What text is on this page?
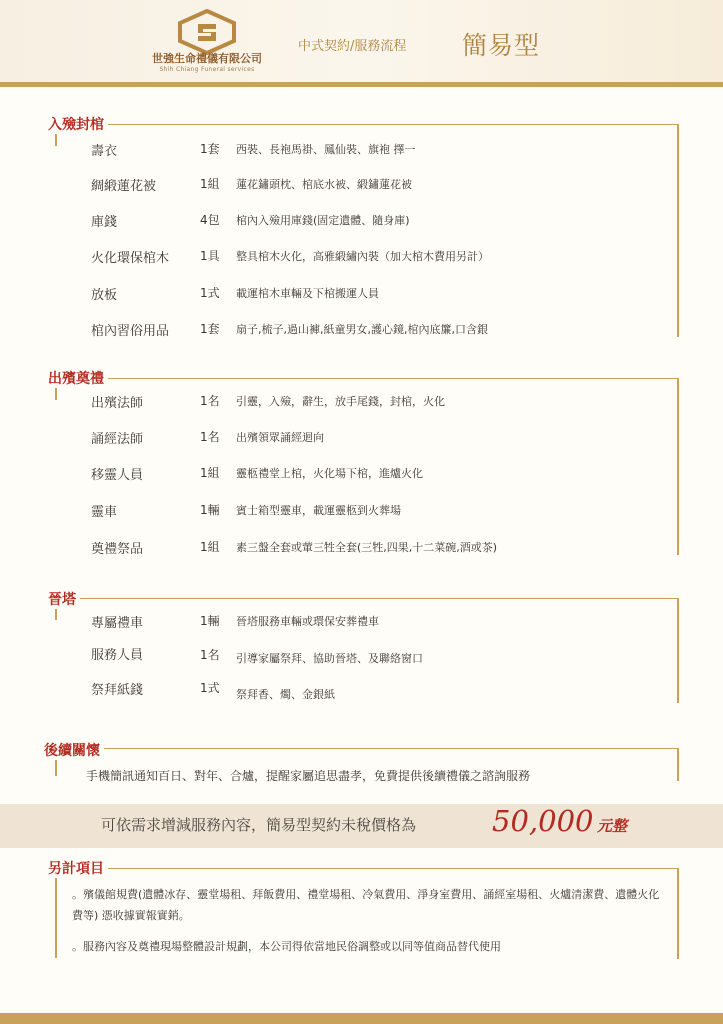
世強生命禮儀有限公司
Shih Chiang Funeral services
中式契約/服務流程 簡易型
入殮封棺
壽衣	1套 西裝、長袍馬褂、鳳仙裝、旗袍 擇一
綢緞蓮花被	1組 蓮花鏽頭枕、棺底水被、緞鏽蓮花被
庫錢	4包 棺內入殮用庫錢(固定遺體、隨身庫)
火化環保棺木	1具 整具棺木火化，高雅緞繡內裝（加大棺木費用另計）
放板	1式 載運棺木車輛及下棺搬運人員
棺內習俗用品	1套 扇子,梳子,過山褲,紙童男女,護心鏡,棺內底簾,口含銀
出殯奠禮
出殯法師	1名 引靈，入殮，辭生，放手尾錢，封棺，火化
誦經法師	1名 出殯領眾誦經迴向
移靈人員	1組 靈柩禮堂上棺，火化場下棺，進爐火化
靈車	1輛 賓士箱型靈車，載運靈柩到火葬場
奠禮祭品	1組 素三盤全套或葷三牲全套(三牲,四果,十二菜碗,酒或茶)
晉塔
專屬禮車	1輛 晉塔服務車輛或環保安葬禮車
服務人員	1名 引導家屬祭拜、協助晉塔、及聯絡窗口
祭拜紙錢	1式 祭拜香、燭、金銀紙
後續關懷
手機簡訊通知百日、對年、合爐，提醒家屬追思盡孝，免費提供後續禮儀之諮詢服務
可依需求增減服務內容，簡易型契約未稅價格為	50,000 元整
另計項目
。殯儀館規費(遺體冰存、靈堂場租、拜飯費用、禮堂場租、冷氣費用、淨身室費用、誦經室場租、火爐清潔費、遺體火化費等) 憑收據實報實銷。
。服務內容及奠禮現場整體設計規劃，本公司得依當地民俗調整或以同等值商品替代使用
